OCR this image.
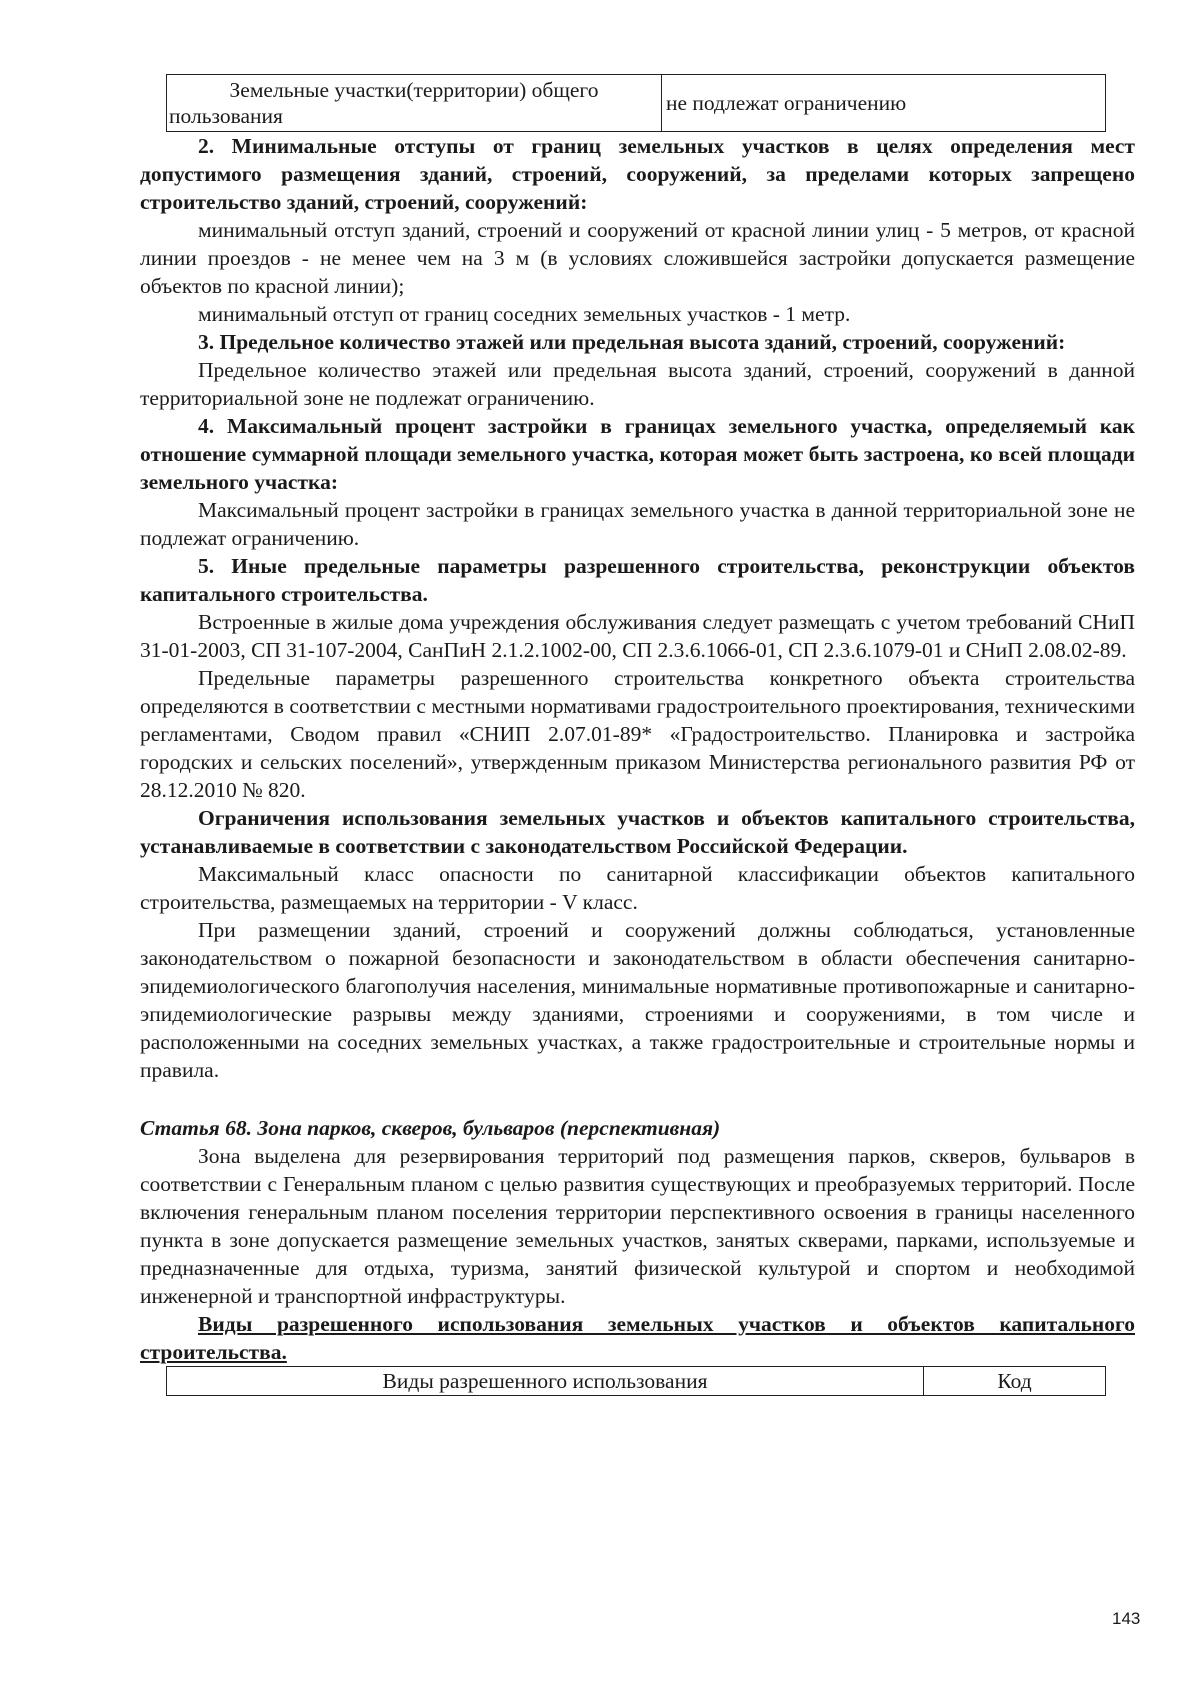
Земельные участки(территории) общего
пользования	не подлежат ограничению

2. Минимальные отступы от границ земельных участков в целях определения мест допустимого размещения зданий, строений, сооружений, за пределами которых запрещено строительство зданий, строений, сооружений:

минимальный отступ зданий, строений и сооружений от красной линии улиц - 5 метров, от красной линии проездов - не менее чем на 3 м (в условиях сложившейся застройки допускается размещение объектов по красной линии);

минимальный отступ от границ соседних земельных участков - 1 метр.

3. Предельное количество этажей или предельная высота зданий, строений, сооружений:

Предельное количество этажей или предельная высота зданий, строений, сооружений в данной территориальной зоне не подлежат ограничению.

4. Максимальный процент застройки в границах земельного участка, определяемый как отношение суммарной площади земельного участка, которая может быть застроена, ко всей площади земельного участка:

Максимальный процент застройки в границах земельного участка в данной территориальной зоне не подлежат ограничению.

5. Иные предельные параметры разрешенного строительства, реконструкции объектов капитального строительства.

Встроенные в жилые дома учреждения обслуживания следует размещать с учетом требований СНиП 31-01-2003, СП 31-107-2004, СанПиН 2.1.2.1002-00, СП 2.3.6.1066-01, СП 2.3.6.1079-01 и СНиП 2.08.02-89.

Предельные параметры разрешенного строительства конкретного объекта строительства определяются в соответствии с местными нормативами градостроительного проектирования, техническими регламентами, Сводом правил «СНИП 2.07.01-89* «Градостроительство. Планировка и застройка городских и сельских поселений», утвержденным приказом Министерства регионального развития РФ от 28.12.2010 № 820.

Ограничения использования земельных участков и объектов капитального строительства, устанавливаемые в соответствии с законодательством Российской Федерации.

Максимальный класс опасности по санитарной классификации объектов капитального строительства, размещаемых на территории - V класс.

При размещении зданий, строений и сооружений должны соблюдаться, установленные законодательством о пожарной безопасности и законодательством в области обеспечения санитарно-эпидемиологического благополучия населения, минимальные нормативные противопожарные и санитарно-эпидемиологические разрывы между зданиями, строениями и сооружениями, в том числе и расположенными на соседних земельных участках, а также градостроительные и строительные нормы и правила.

Статья 68. Зона парков, скверов, бульваров (перспективная)

Зона выделена для резервирования территорий под размещения парков, скверов, бульваров в соответствии с Генеральным планом с целью развития существующих и преобразуемых территорий. После включения генеральным планом поселения территории перспективного освоения в границы населенного пункта в зоне допускается размещение земельных участков, занятых скверами, парками, используемые и предназначенные для отдыха, туризма, занятий физической культурой и спортом и необходимой инженерной и транспортной инфраструктуры.

Виды разрешенного использования земельных участков и объектов капитального строительства.

Виды разрешенного использования	Код
143
